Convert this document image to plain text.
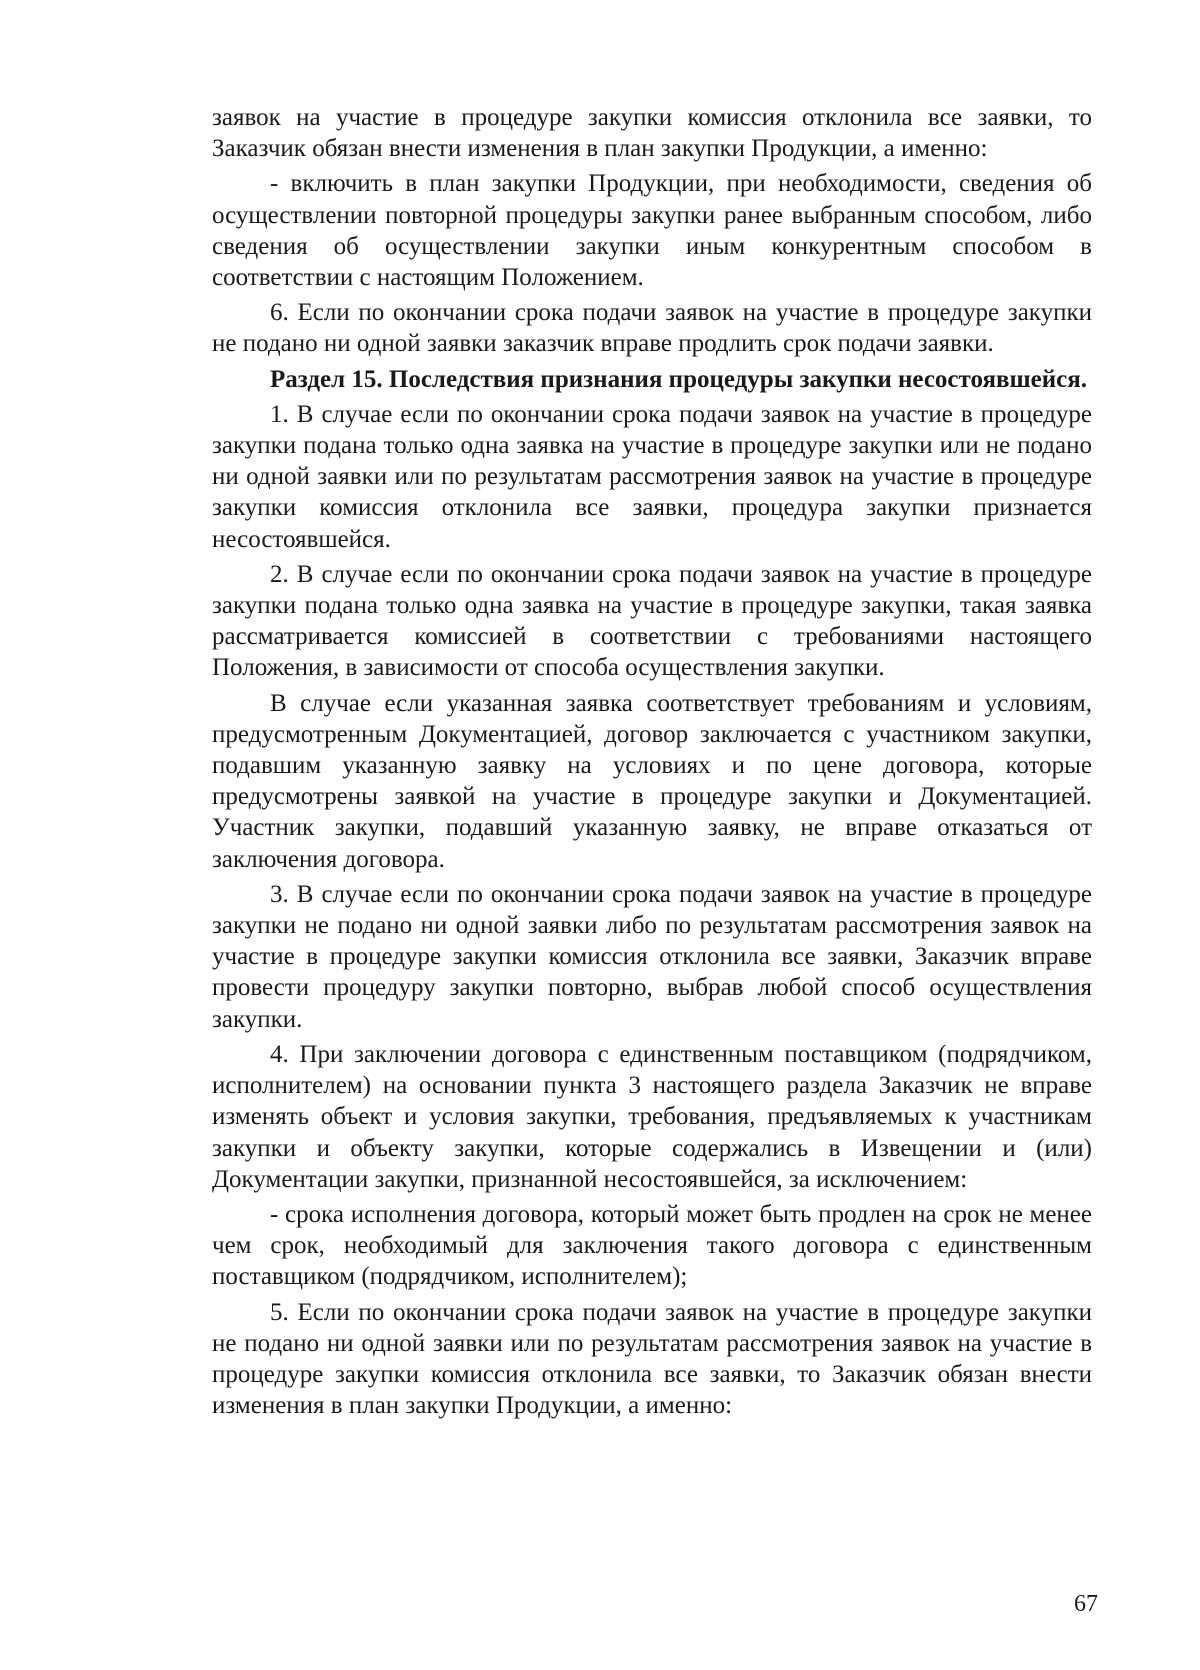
заявок на участие в процедуре закупки комиссия отклонила все заявки, то Заказчик обязан внести изменения в план закупки Продукции, а именно:

- включить в план закупки Продукции, при необходимости, сведения об осуществлении повторной процедуры закупки ранее выбранным способом, либо сведения об осуществлении закупки иным конкурентным способом в соответствии с настоящим Положением.

6. Если по окончании срока подачи заявок на участие в процедуре закупки не подано ни одной заявки заказчик вправе продлить срок подачи заявки.

Раздел 15. Последствия признания процедуры закупки несостоявшейся.

1. В случае если по окончании срока подачи заявок на участие в процедуре закупки подана только одна заявка на участие в процедуре закупки или не подано ни одной заявки или по результатам рассмотрения заявок на участие в процедуре закупки комиссия отклонила все заявки, процедура закупки признается несостоявшейся.

2. В случае если по окончании срока подачи заявок на участие в процедуре закупки подана только одна заявка на участие в процедуре закупки, такая заявка рассматривается комиссией в соответствии с требованиями настоящего Положения, в зависимости от способа осуществления закупки.

В случае если указанная заявка соответствует требованиям и условиям, предусмотренным Документацией, договор заключается с участником закупки, подавшим указанную заявку на условиях и по цене договора, которые предусмотрены заявкой на участие в процедуре закупки и Документацией. Участник закупки, подавший указанную заявку, не вправе отказаться от заключения договора.

3. В случае если по окончании срока подачи заявок на участие в процедуре закупки не подано ни одной заявки либо по результатам рассмотрения заявок на участие в процедуре закупки комиссия отклонила все заявки, Заказчик вправе провести процедуру закупки повторно, выбрав любой способ осуществления закупки.

4. При заключении договора с единственным поставщиком (подрядчиком, исполнителем) на основании пункта 3 настоящего раздела Заказчик не вправе изменять объект и условия закупки, требования, предъявляемых к участникам закупки и объекту закупки, которые содержались в Извещении и (или) Документации закупки, признанной несостоявшейся, за исключением:

- срока исполнения договора, который может быть продлен на срок не менее чем срок, необходимый для заключения такого договора с единственным поставщиком (подрядчиком, исполнителем);

5. Если по окончании срока подачи заявок на участие в процедуре закупки не подано ни одной заявки или по результатам рассмотрения заявок на участие в процедуре закупки комиссия отклонила все заявки, то Заказчик обязан внести изменения в план закупки Продукции, а именно:

67
